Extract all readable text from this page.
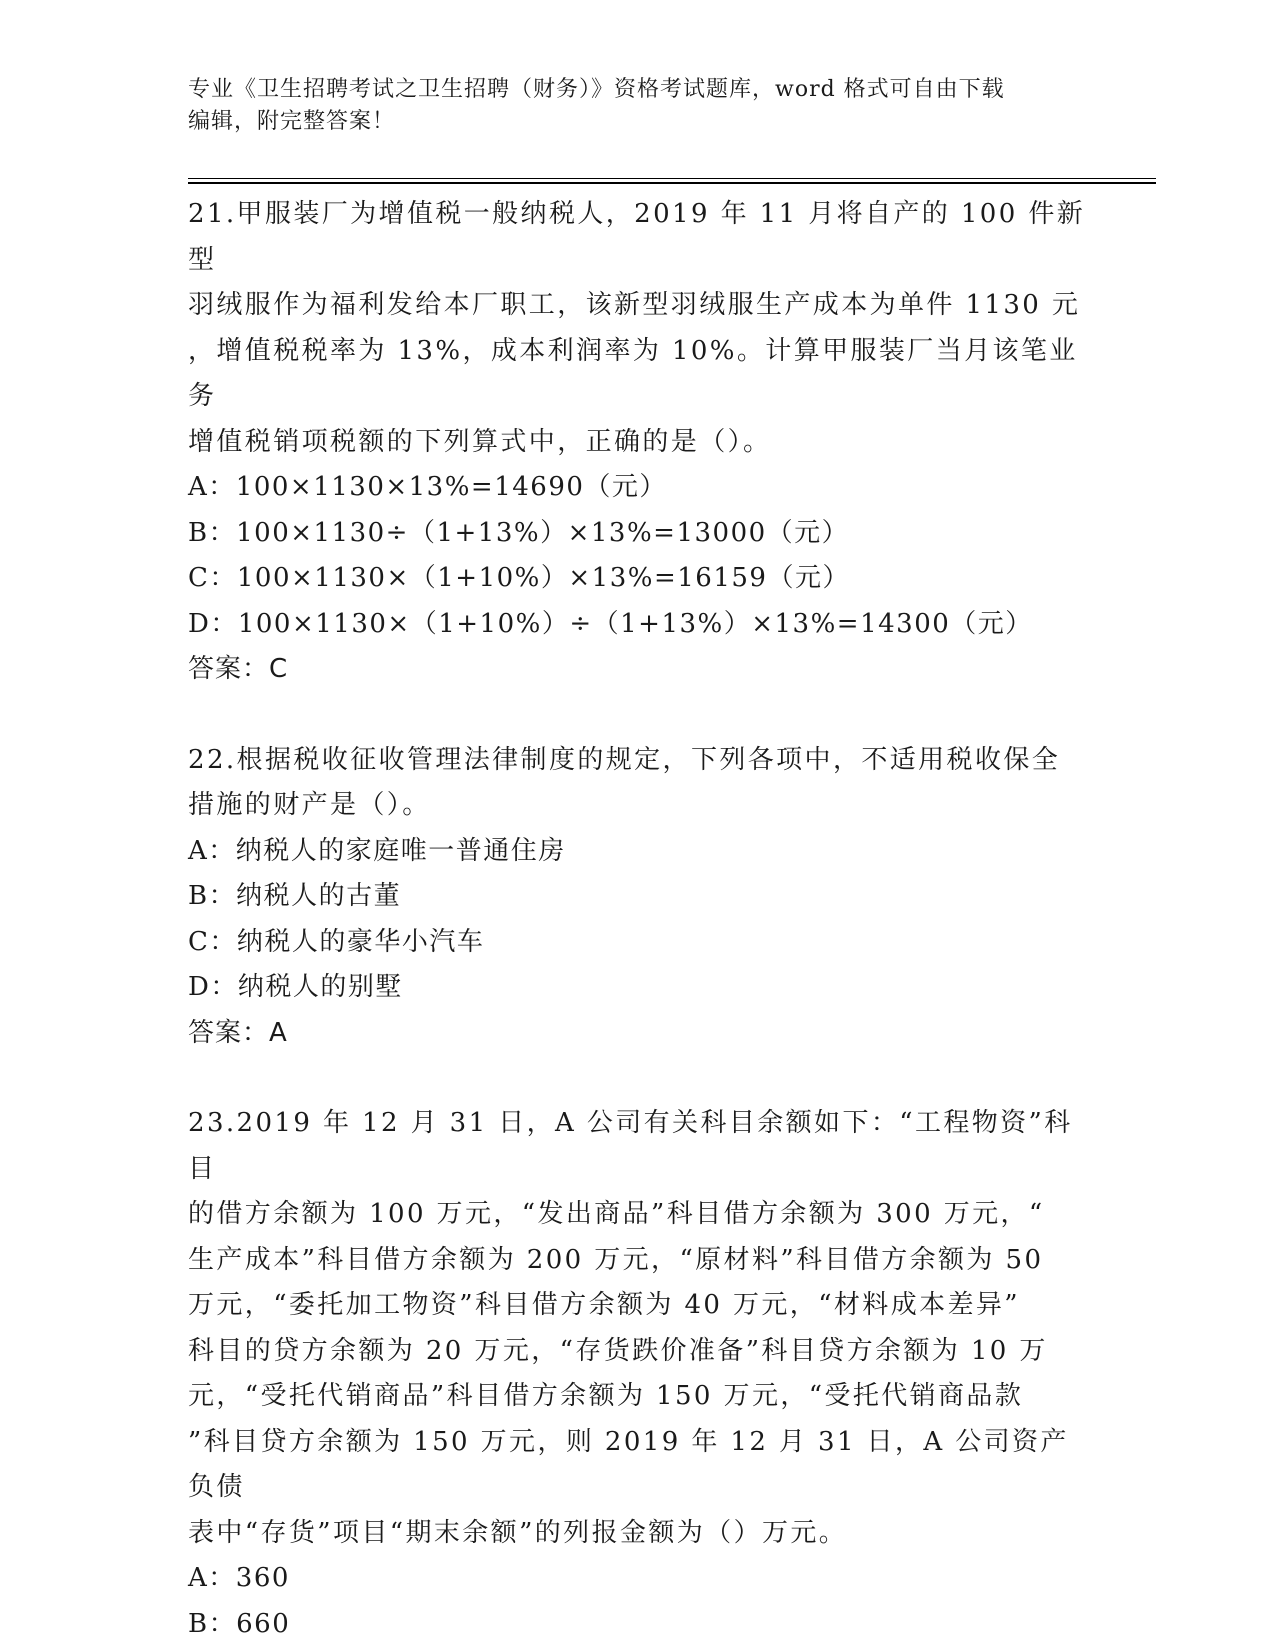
专业《卫生招聘考试之卫生招聘（财务）》资格考试题库，word 格式可自由下载
编辑，附完整答案！

21.甲服装厂为增值税一般纳税人，2019 年 11 月将自产的 100 件新型

羽绒服作为福利发给本厂职工，该新型羽绒服生产成本为单件 1130 元

，增值税税率为 13%，成本利润率为 10%。计算甲服装厂当月该笔业务

增值税销项税额的下列算式中，正确的是（）。

A：100×1130×13%=14690（元）

B：100×1130÷（1+13%）×13%=13000（元）

C：100×1130×（1+10%）×13%=16159（元）

D：100×1130×（1+10%）÷（1+13%）×13%=14300（元）

答案：C

22.根据税收征收管理法律制度的规定，下列各项中，不适用税收保全

措施的财产是（）。

A：纳税人的家庭唯一普通住房

B：纳税人的古董

C：纳税人的豪华小汽车

D：纳税人的别墅

答案：A

23.2019 年 12 月 31 日，A 公司有关科目余额如下：“工程物资”科目

的借方余额为 100 万元，“发出商品”科目借方余额为 300 万元，“

生产成本”科目借方余额为 200 万元，“原材料”科目借方余额为 50

万元，“委托加工物资”科目借方余额为 40 万元，“材料成本差异”

科目的贷方余额为 20 万元，“存货跌价准备”科目贷方余额为 10 万

元，“受托代销商品”科目借方余额为 150 万元，“受托代销商品款

”科目贷方余额为 150 万元，则 2019 年 12 月 31 日，A 公司资产负债

表中“存货”项目“期末余额”的列报金额为（）万元。

A：360

B：660
